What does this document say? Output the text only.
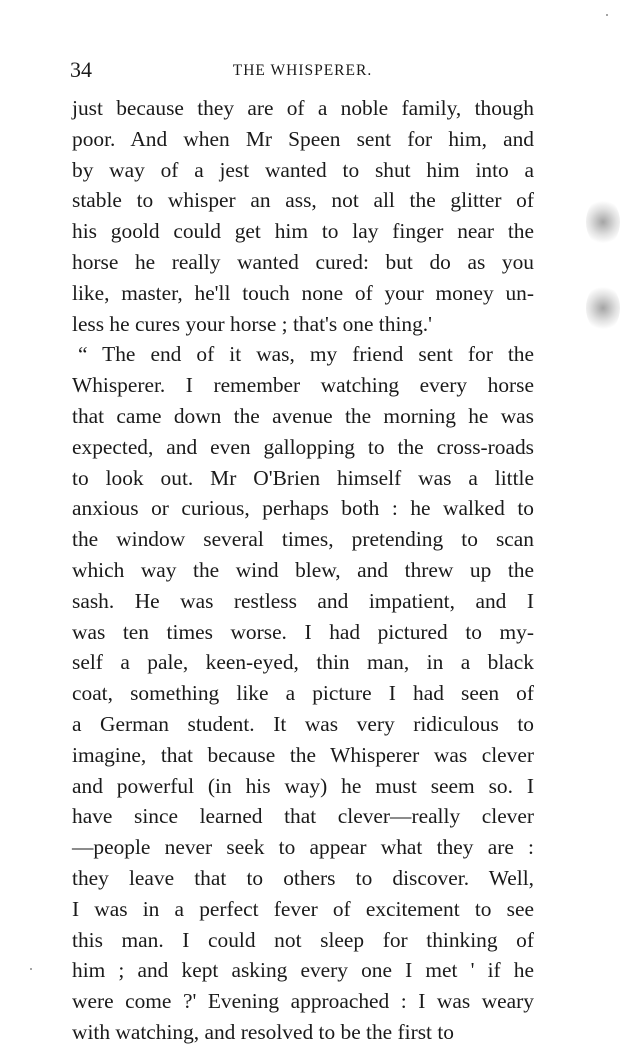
34	THE WHISPERER.
just because they are of a noble family, though
poor. And when Mr Speen sent for him, and
by way of a jest wanted to shut him into a
stable to whisper an ass, not all the glitter of
his goold could get him to lay finger near the
horse he really wanted cured: but do as you
like, master, he'll touch none of your money un-
less he cures your horse ; that's one thing.'
“ The end of it was, my friend sent for the
Whisperer. I remember watching every horse
that came down the avenue the morning he was
expected, and even gallopping to the cross-roads
to look out. Mr O'Brien himself was a little
anxious or curious, perhaps both : he walked to
the window several times, pretending to scan
which way the wind blew, and threw up the
sash. He was restless and impatient, and I
was ten times worse. I had pictured to my-
self a pale, keen-eyed, thin man, in a black
coat, something like a picture I had seen of
a German student. It was very ridiculous to
imagine, that because the Whisperer was clever
and powerful (in his way) he must seem so. I
have since learned that clever—really clever
—people never seek to appear what they are :
they leave that to others to discover. Well,
I was in a perfect fever of excitement to see
this man. I could not sleep for thinking of
him ; and kept asking every one I met ' if he
were come ?' Evening approached : I was weary
with watching, and resolved to be the first to
